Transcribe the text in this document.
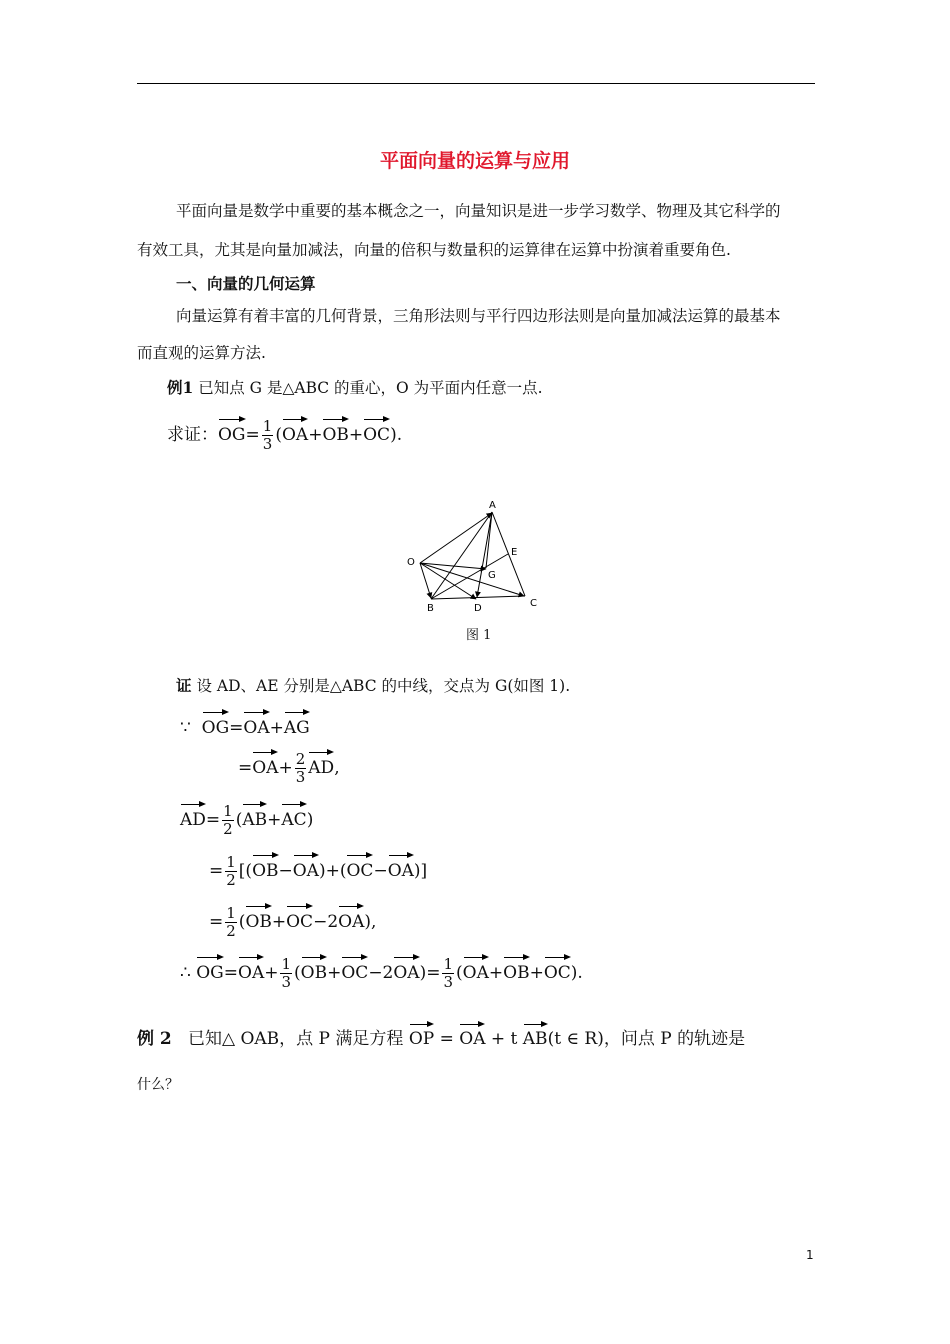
平面向量的运算与应用
平面向量是数学中重要的基本概念之一，向量知识是进一步学习数学、物理及其它科学的
有效工具，尤其是向量加减法，向量的倍积与数量积的运算律在运算中扮演着重要角色.
一、向量的几何运算
向量运算有着丰富的几何背景，三角形法则与平行四边形法则是向量加减法运算的最基本
而直观的运算方法.
例1 已知点 G 是△ABC 的重心，O 为平面内任意一点.
求证：$OG= \frac{1}{3} (OA+OB+OC)$.
A
O
E
G
B	D	C
图 1
证 设 AD、AE 分别是△ABC 的中线，交点为 G(如图 1).
∵ OG=OA+AG
$=OA+ \frac{2}{3}$ AD,
$AD= \frac{1}{2} (AB+AC)$
= $\frac{1}{2} [(OB-OA)+(OC-OA)]$
= $\frac{1}{2} (OB+OC-2OA)$,
∴ $OG=OA+ \frac{1}{3} (OB+OC-2OA)= \frac{1}{3} (OA+OB+OC)$.
例 2 已知△ OAB，点 P 满足方程 OP = OA + t AB(t ∈ R)，问点 P 的轨迹是
什么？
1
